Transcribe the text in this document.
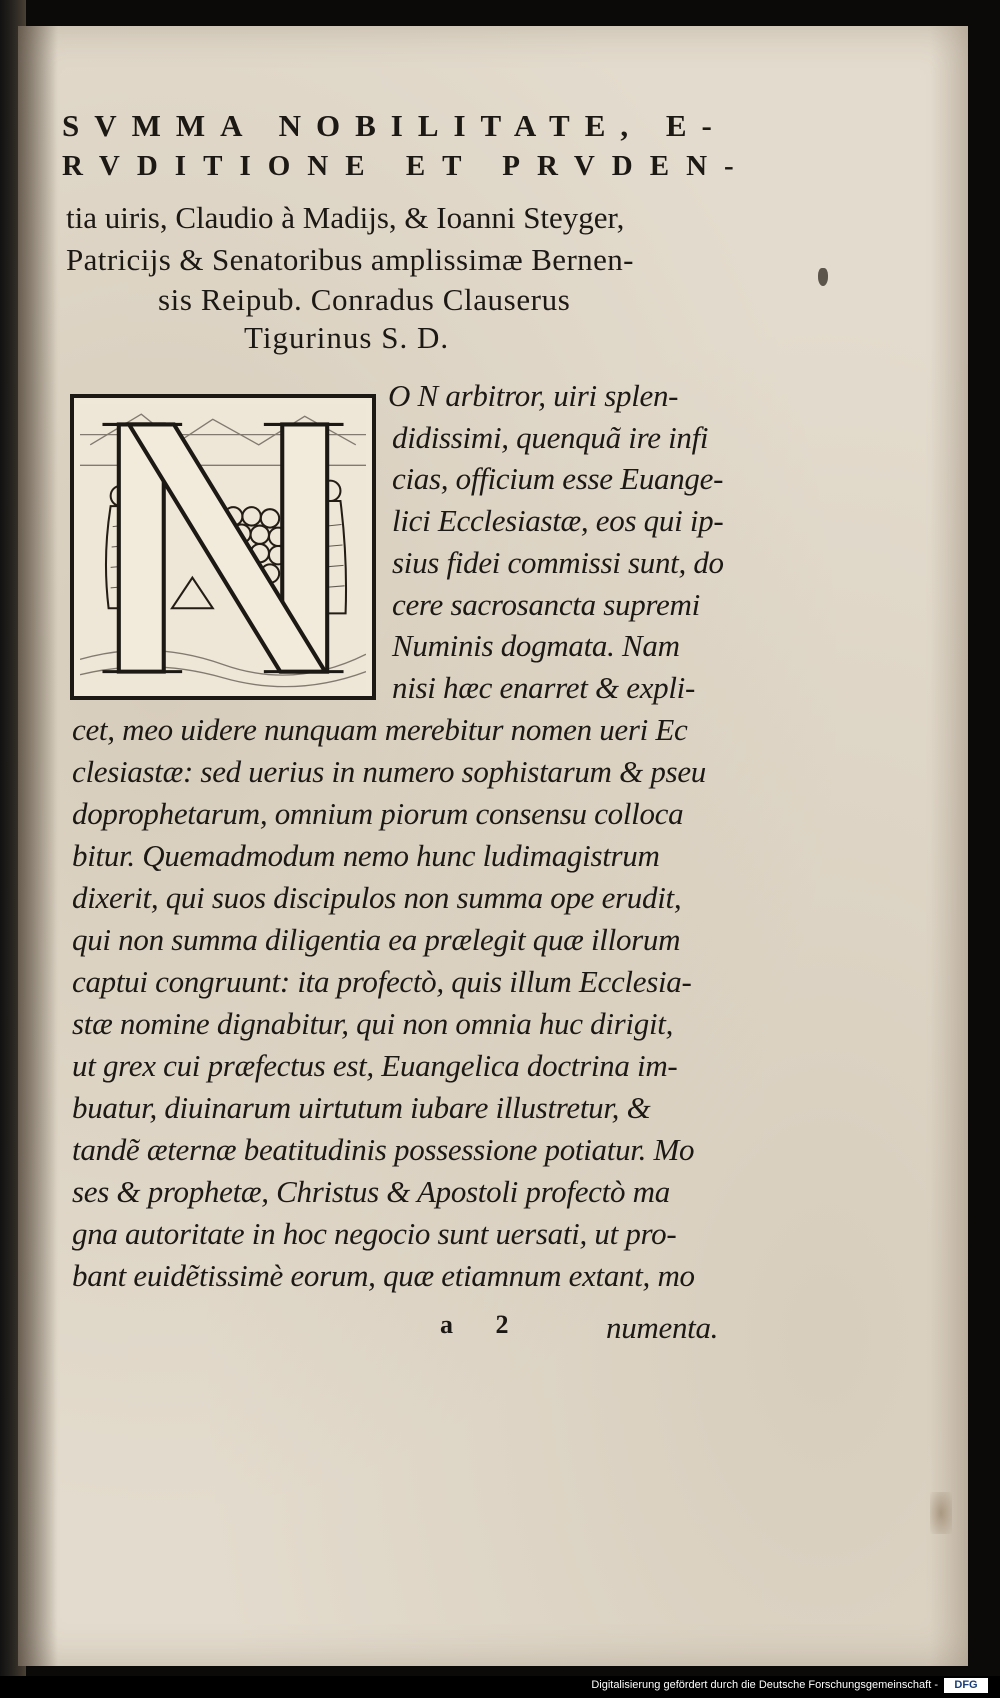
SVMMA NOBILITATE, E-
RVDITIONE ET PRVDEN-
tia uiris, Claudio à Madijs, & Ioanni Steyger,
Patricijs & Senatoribus amplissimæ Bernen-
sis Reipub. Conradus Clauserus
Tigurinus S. D.
O N arbitror, uiri splen-
didissimi, quenquã ire infi
cias, officium esse Euange-
lici Ecclesiastæ, eos qui ip-
sius fidei commissi sunt, do
cere sacrosancta supremi
Numinis dogmata. Nam
nisi hæc enarret & expli-
cet, meo uidere nunquam merebitur nomen ueri Ec
clesiastæ: sed uerius in numero sophistarum & pseu
doprophetarum, omnium piorum consensu colloca
bitur. Quemadmodum nemo hunc ludimagistrum
dixerit, qui suos discipulos non summa ope erudit,
qui non summa diligentia ea prælegit quæ illorum
captui congruunt: ita profectò, quis illum Ecclesia-
stæ nomine dignabitur, qui non omnia huc dirigit,
ut grex cui præfectus est, Euangelica doctrina im-
buatur, diuinarum uirtutum iubare illustretur, &
tandẽ æternæ beatitudinis possessione potiatur. Mo
ses & prophetæ, Christus & Apostoli profectò ma
gna autoritate in hoc negocio sunt uersati, ut pro-
bant euidẽtissimè eorum, quæ etiamnum extant, mo
a 2	numenta.
Digitalisierung gefördert durch die Deutsche Forschungsgemeinschaft -	DFG
